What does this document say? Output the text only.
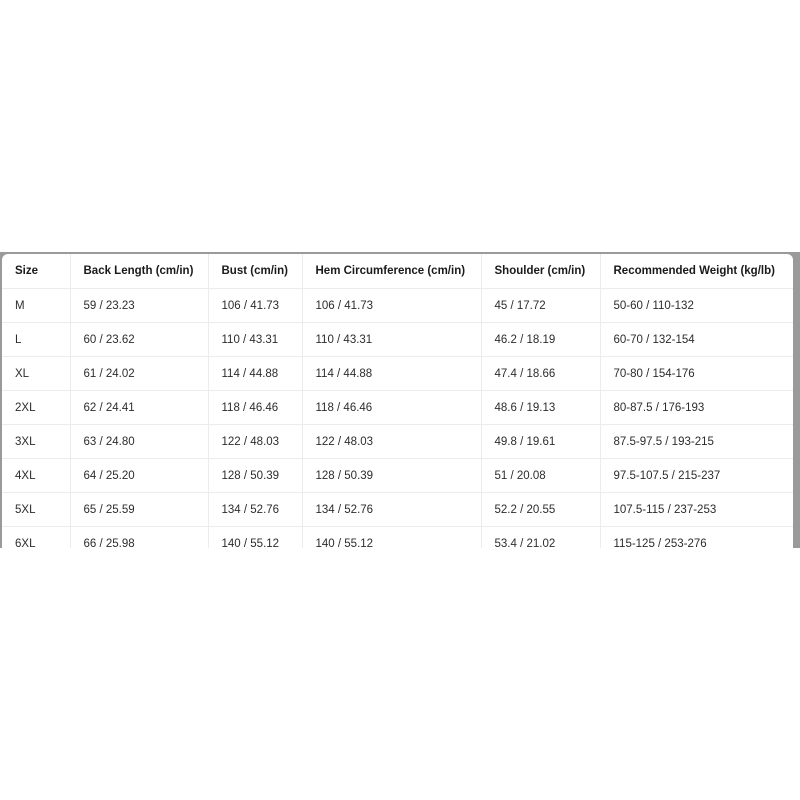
Size	Back Length (cm/in)	Bust (cm/in)	Hem Circumference (cm/in)	Shoulder (cm/in)	Recommended Weight (kg/lb)
M	59 / 23.23	106 / 41.73	106 / 41.73	45 / 17.72	50-60 / 110-132
L	60 / 23.62	110 / 43.31	110 / 43.31	46.2 / 18.19	60-70 / 132-154
XL	61 / 24.02	114 / 44.88	114 / 44.88	47.4 / 18.66	70-80 / 154-176
2XL	62 / 24.41	118 / 46.46	118 / 46.46	48.6 / 19.13	80-87.5 / 176-193
3XL	63 / 24.80	122 / 48.03	122 / 48.03	49.8 / 19.61	87.5-97.5 / 193-215
4XL	64 / 25.20	128 / 50.39	128 / 50.39	51 / 20.08	97.5-107.5 / 215-237
5XL	65 / 25.59	134 / 52.76	134 / 52.76	52.2 / 20.55	107.5-115 / 237-253
6XL	66 / 25.98	140 / 55.12	140 / 55.12	53.4 / 21.02	115-125 / 253-276
